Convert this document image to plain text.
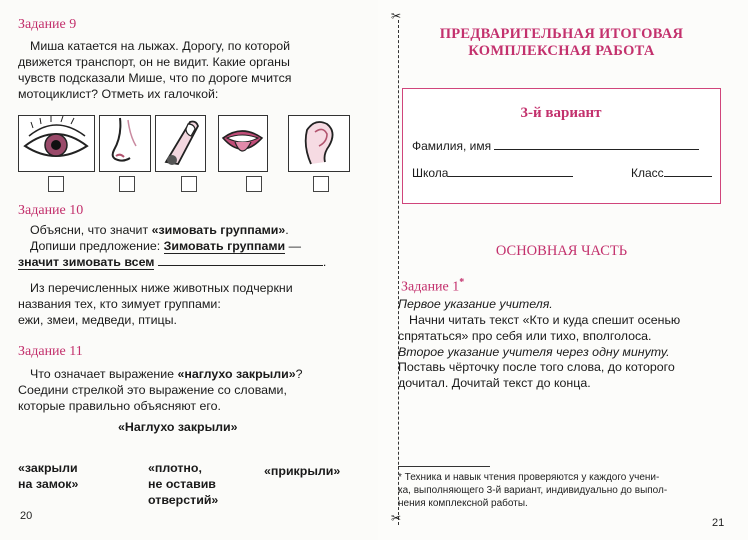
Задание 9
Миша катается на лыжах. Дорогу, по которой
движется транспорт, он не видит. Какие органы
чувств подсказали Мише, что по дороге мчится
мотоциклист? Отметь их галочкой:
Задание 10
Объясни, что значит «зимовать группами».
Допиши предложение: Зимовать группами —
значит зимовать всем	.
Из перечисленных ниже животных подчеркни
названия тех, кто зимует группами:
ежи, змеи, медведи, птицы.
Задание 11
Что означает выражение «наглухо закрыли»?
Соедини стрелкой это выражение со словами,
которые правильно объясняют его.
«Наглухо закрыли»
«закрыли
на замок»
«плотно,
не оставив
отверстий»
«прикрыли»
20
✂
✂
ПРЕДВАРИТЕЛЬНАЯ ИТОГОВАЯ
КОМПЛЕКСНАЯ РАБОТА
3-й вариант
Фамилия, имя
Школа	Класс
ОСНОВНАЯ ЧАСТЬ
Задание 1*
Первое указание учителя.
Начни читать текст «Кто и куда спешит осенью
спрятаться» про себя или тихо, вполголоса.
Второе указание учителя через одну минуту.
Поставь чёрточку после того слова, до которого
дочитал. Дочитай текст до конца.
* Техника и навык чтения проверяются у каждого учени-
ка, выполняющего 3-й вариант, индивидуально до выпол-
нения комплексной работы.
21
